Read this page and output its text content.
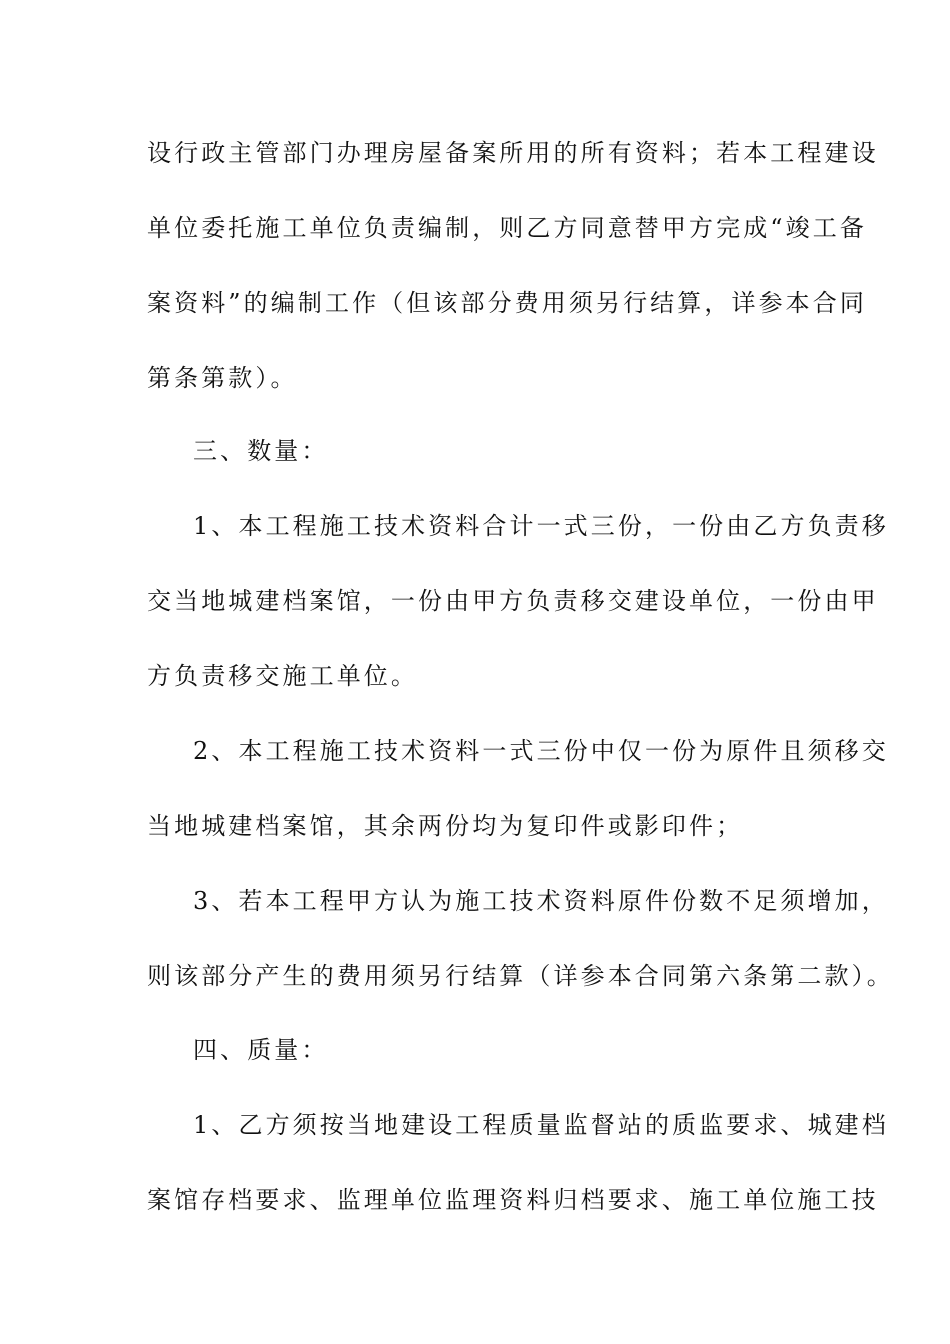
设行政主管部门办理房屋备案所用的所有资料；若本工程建设
单位委托施工单位负责编制，则乙方同意替甲方完成“竣工备
案资料”的编制工作（但该部分费用须另行结算，详参本合同
第条第款）。
三、数量：
1、本工程施工技术资料合计一式三份，一份由乙方负责移
交当地城建档案馆，一份由甲方负责移交建设单位，一份由甲
方负责移交施工单位。
2、本工程施工技术资料一式三份中仅一份为原件且须移交
当地城建档案馆，其余两份均为复印件或影印件；
3、若本工程甲方认为施工技术资料原件份数不足须增加，
则该部分产生的费用须另行结算（详参本合同第六条第二款）。
四、质量：
1、乙方须按当地建设工程质量监督站的质监要求、城建档
案馆存档要求、监理单位监理资料归档要求、施工单位施工技
